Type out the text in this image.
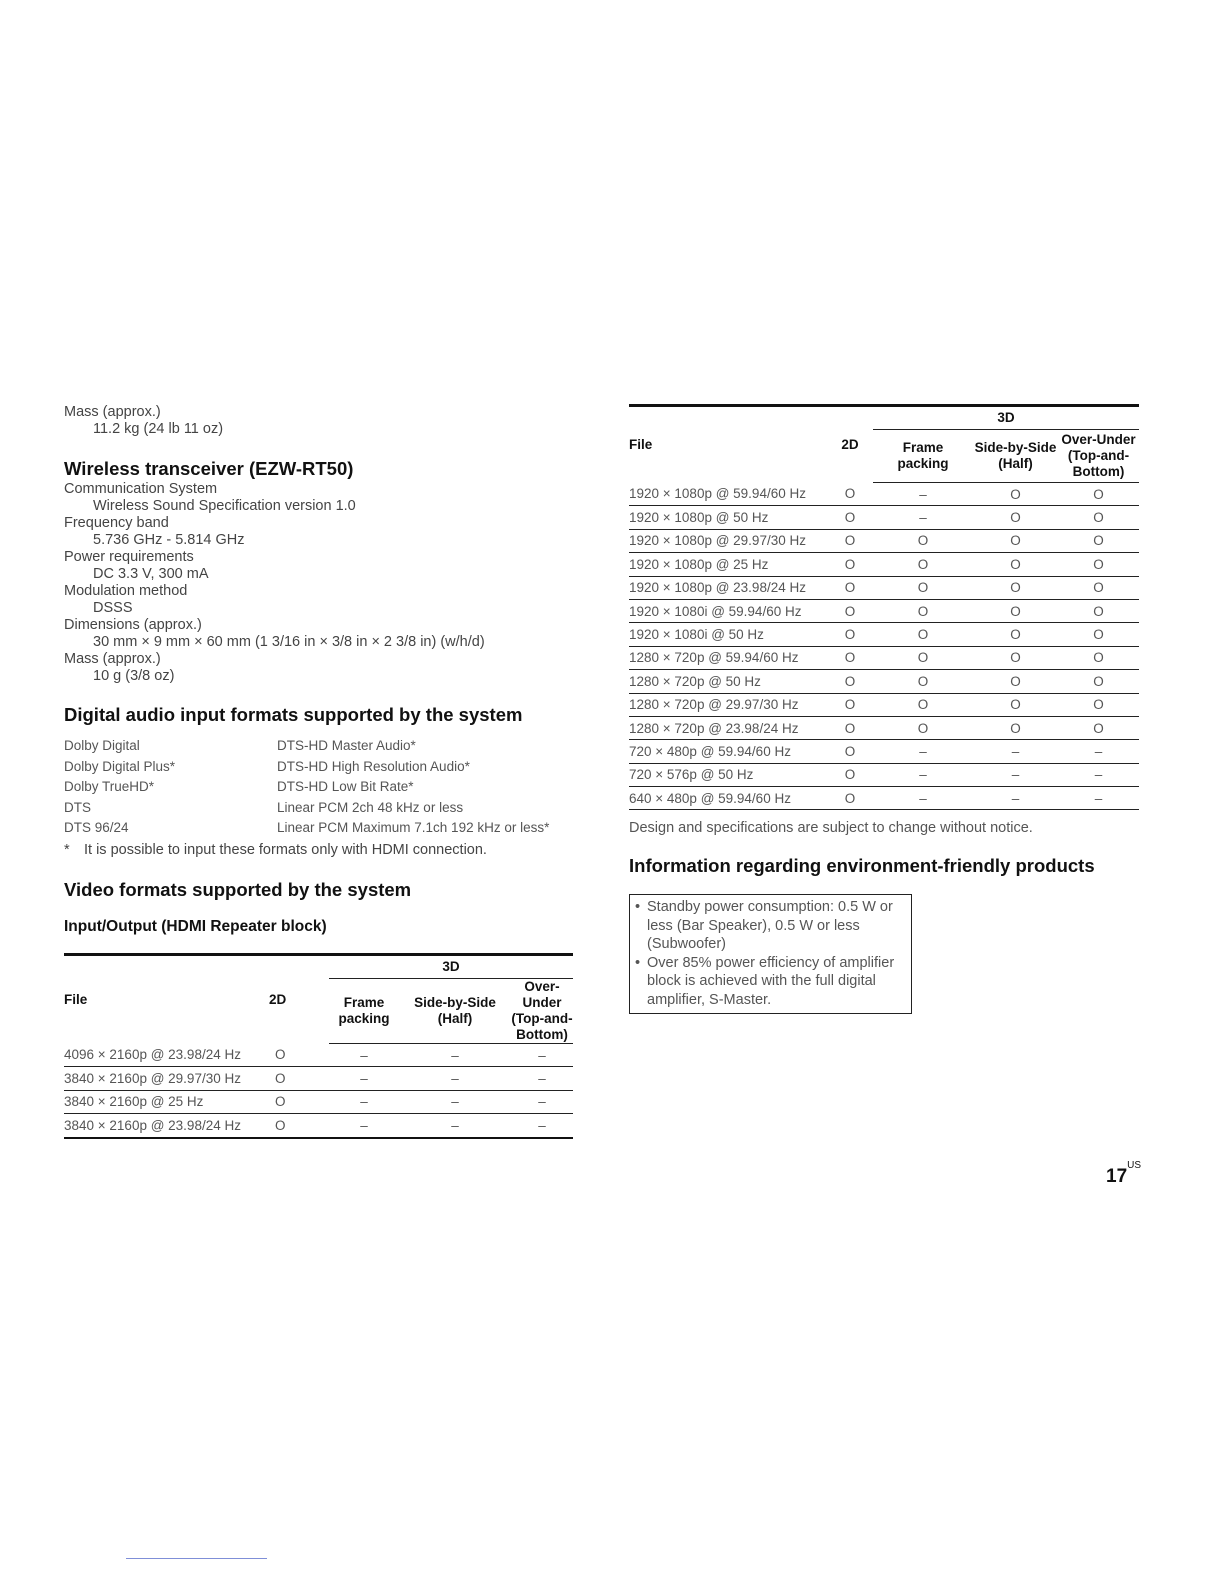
Mass (approx.)
11.2 kg (24 lb 11 oz)
Wireless transceiver (EZW-RT50)
Communication System
Wireless Sound Specification version 1.0
Frequency band
5.736 GHz - 5.814 GHz
Power requirements
DC 3.3 V, 300 mA
Modulation method
DSSS
Dimensions (approx.)
30 mm × 9 mm × 60 mm (1 3/16 in × 3/8 in × 2 3/8 in) (w/h/d)
Mass (approx.)
10 g (3/8 oz)
Digital audio input formats supported by the system
Dolby Digital	DTS-HD Master Audio*
Dolby Digital Plus*	DTS-HD High Resolution Audio*
Dolby TrueHD*	DTS-HD Low Bit Rate*
DTS	Linear PCM 2ch 48 kHz or less
DTS 96/24	Linear PCM Maximum 7.1ch 192 kHz or less*
* It is possible to input these formats only with HDMI connection.
Video formats supported by the system
Input/Output (HDMI Repeater block)
File	2D	3D		
		Frame packing	Side-by-Side (Half)	Over-Under (Top-and-Bottom)
4096 × 2160p @ 23.98/24 Hz	O	–	–	–
3840 × 2160p @ 29.97/30 Hz	O	–	–	–
3840 × 2160p @ 25 Hz	O	–	–	–
3840 × 2160p @ 23.98/24 Hz	O	–	–	–
File	2D	3D		
		Frame packing	Side-by-Side (Half)	Over-Under (Top-and-Bottom)
1920 × 1080p @ 59.94/60 Hz	O	–	O	O
1920 × 1080p @ 50 Hz	O	–	O	O
1920 × 1080p @ 29.97/30 Hz	O	O	O	O
1920 × 1080p @ 25 Hz	O	O	O	O
1920 × 1080p @ 23.98/24 Hz	O	O	O	O
1920 × 1080i @ 59.94/60 Hz	O	O	O	O
1920 × 1080i @ 50 Hz	O	O	O	O
1280 × 720p @ 59.94/60 Hz	O	O	O	O
1280 × 720p @ 50 Hz	O	O	O	O
1280 × 720p @ 29.97/30 Hz	O	O	O	O
1280 × 720p @ 23.98/24 Hz	O	O	O	O
720 × 480p @ 59.94/60 Hz	O	–	–	–
720 × 576p @ 50 Hz	O	–	–	–
640 × 480p @ 59.94/60 Hz	O	–	–	–
Design and specifications are subject to change without notice.
Information regarding environment-friendly products
• Standby power consumption: 0.5 W or less (Bar Speaker), 0.5 W or less (Subwoofer)
• Over 85% power efficiency of amplifier block is achieved with the full digital amplifier, S-Master.
$17^{US}$
